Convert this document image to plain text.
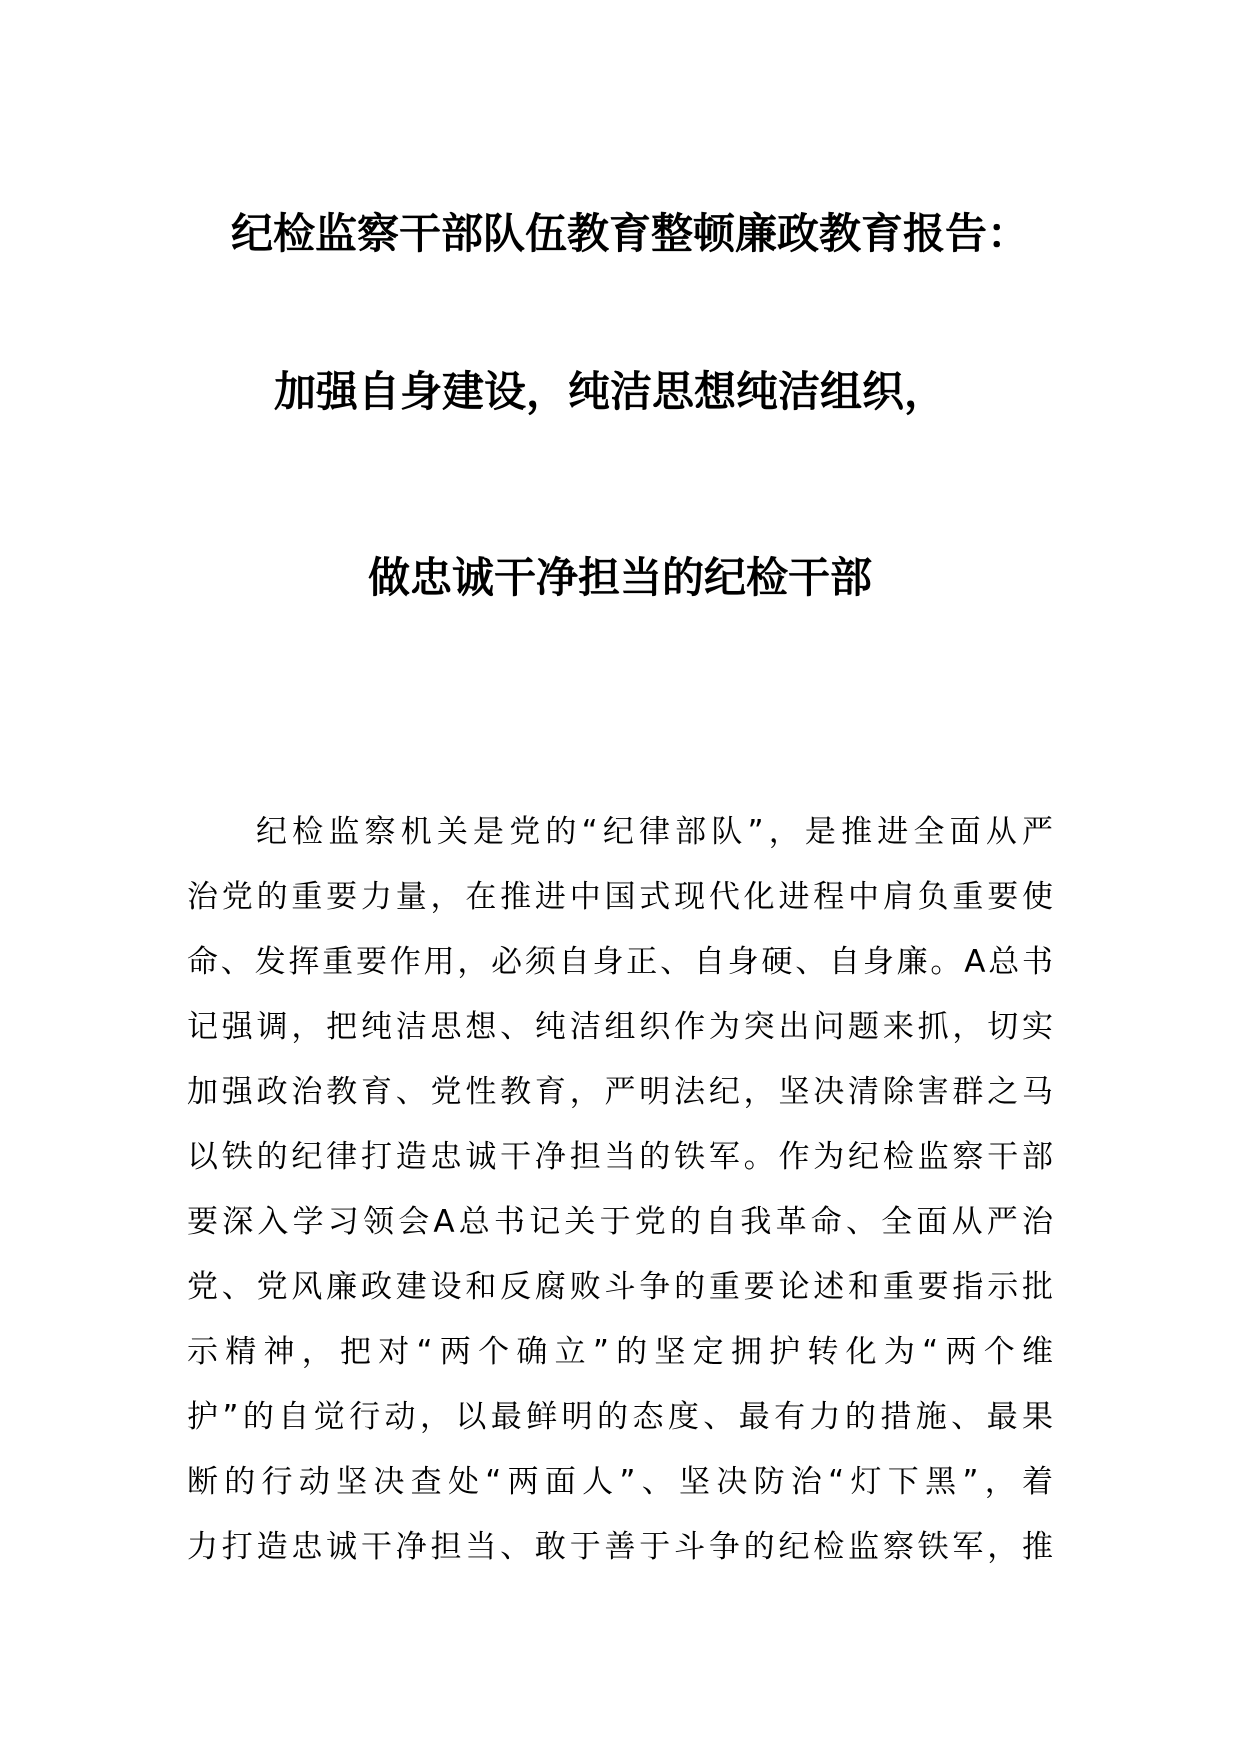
纪检监察干部队伍教育整顿廉政教育报告：
加强自身建设，纯洁思想纯洁组织，
做忠诚干净担当的纪检干部
纪检监察机关是党的“纪律部队”，是推进全面从严
治党的重要力量，在推进中国式现代化进程中肩负重要使
命、发挥重要作用，必须自身正、自身硬、自身廉。A总书
记强调，把纯洁思想、纯洁组织作为突出问题来抓，切实
加强政治教育、党性教育，严明法纪，坚决清除害群之马
以铁的纪律打造忠诚干净担当的铁军。作为纪检监察干部
要深入学习领会A总书记关于党的自我革命、全面从严治
党、党风廉政建设和反腐败斗争的重要论述和重要指示批
示精神，把对“两个确立”的坚定拥护转化为“两个维
护”的自觉行动，以最鲜明的态度、最有力的措施、最果
断的行动坚决查处“两面人”、坚决防治“灯下黑”，着
力打造忠诚干净担当、敢于善于斗争的纪检监察铁军，推
